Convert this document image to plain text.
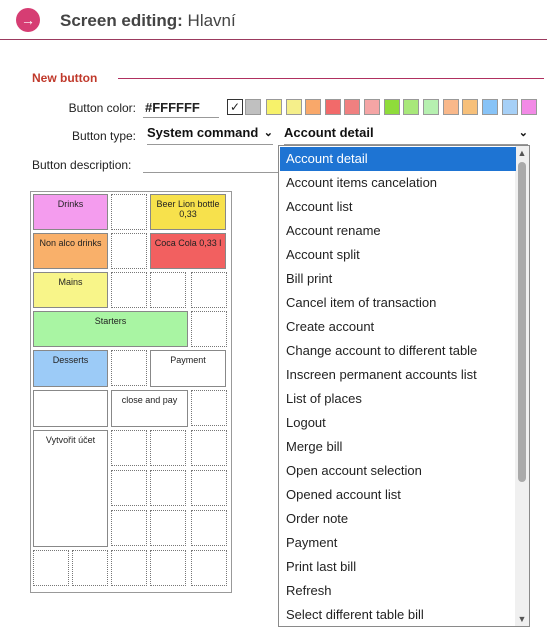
→ Screen editing: Hlavní
New button
Button color: #FFFFFF	✓
Button type: System command ⌄ Account detail	⌄
Button description:
Drinks	Beer Lion bottle 0,33
Non alco drinks	Coca Cola 0,33 l
Mains
Starters
Desserts	Payment
close and pay
Vytvořit účet
▲
▼
Account detail
Account items cancelation
Account list
Account rename
Account split
Bill print
Cancel item of transaction
Create account
Change account to different table
Inscreen permanent accounts list
List of places
Logout
Merge bill
Open account selection
Opened account list
Order note
Payment
Print last bill
Refresh
Select different table bill
